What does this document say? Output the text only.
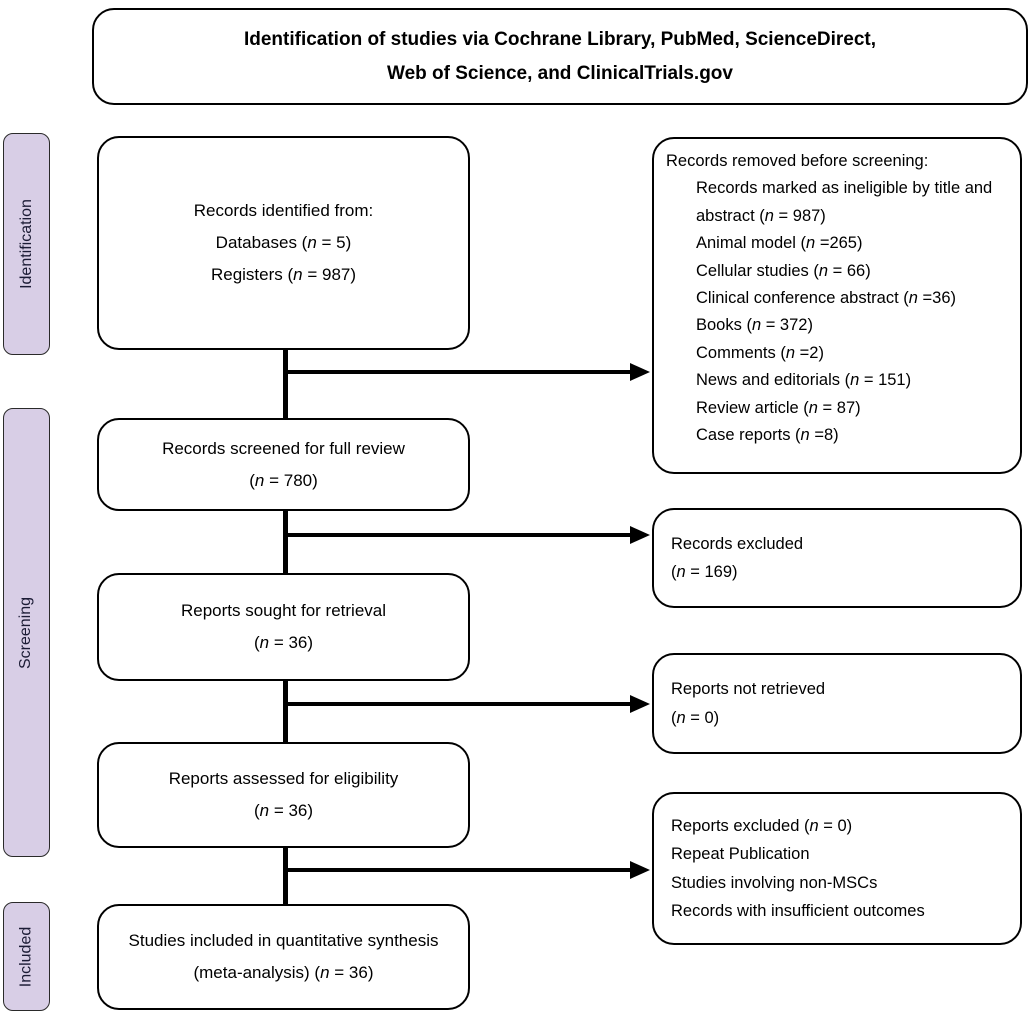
Identification of studies via Cochrane Library, PubMed, ScienceDirect,
Web of Science, and ClinicalTrials.gov
Identification
Screening
Included
Records identified from:
Databases (n = 5)
Registers (n = 987)
Records screened for full review
(n = 780)
Reports sought for retrieval
(n = 36)
Reports assessed for eligibility
(n = 36)
Studies included in quantitative synthesis
(meta-analysis) (n = 36)
Records removed before screening:
Records marked as ineligible by title and abstract (n = 987)
Animal model (n =265)
Cellular studies (n = 66)
Clinical conference abstract (n =36)
Books (n = 372)
Comments (n =2)
News and editorials (n = 151)
Review article (n = 87)
Case reports (n =8)
Records excluded
(n = 169)
Reports not retrieved
(n = 0)
Reports excluded (n = 0)
Repeat Publication
Studies involving non-MSCs
Records with insufficient outcomes
